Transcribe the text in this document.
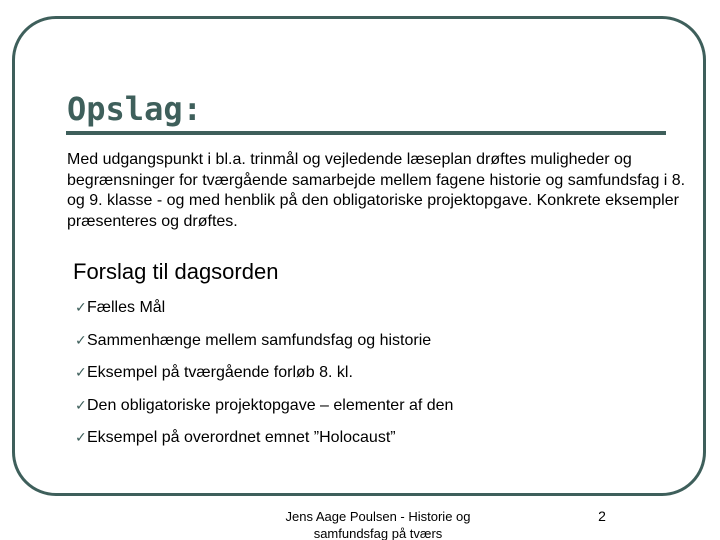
Opslag:

Med udgangspunkt i bl.a. trinmål og vejledende læseplan drøftes muligheder og begrænsninger for tværgående samarbejde mellem fagene historie og samfundsfag i 8. og 9. klasse - og med henblik på den obligatoriske projektopgave. Konkrete eksempler præsenteres og drøftes.

Forslag til dagsorden
✓Fælles Mål
✓Sammenhænge mellem samfundsfag og historie
✓Eksempel på tværgående forløb 8. kl.
✓Den obligatoriske projektopgave – elementer af den
✓Eksempel på overordnet emnet ”Holocaust”

Jens Aage Poulsen - Historie og samfundsfag på tværs

2
